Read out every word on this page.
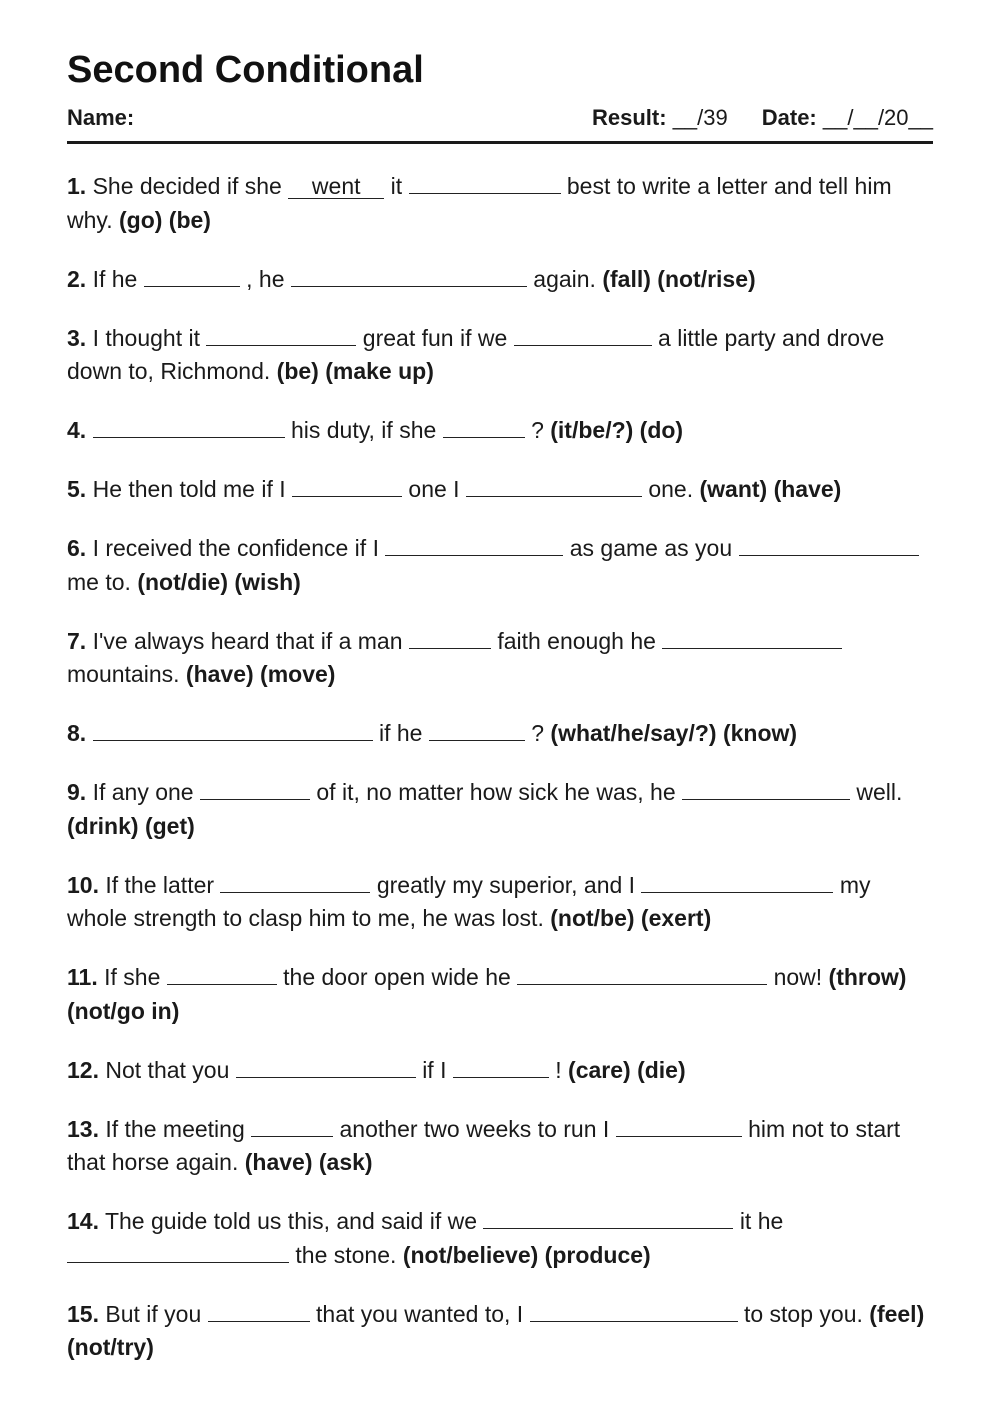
Second Conditional
Name:	Result: __/39 Date: __/__/20__

1. She decided if she went it	best to write a letter and tell him why. (go) (be)

2. If he	, he	again. (fall) (not/rise)

3. I thought it	great fun if we	a little party and drove down to, Richmond. (be) (make up)

4.	his duty, if she	? (it/be/?) (do)

5. He then told me if I	one I	one. (want) (have)

6. I received the confidence if I	as game as you  me to. (not/die) (wish)

7. I've always heard that if a man	faith enough he  mountains. (have) (move)

8.	if he	? (what/he/say/?) (know)

9. If any one	of it, no matter how sick he was, he	well. (drink) (get)

10. If the latter	greatly my superior, and I	my whole strength to clasp him to me, he was lost. (not/be) (exert)

11. If she	the door open wide he	now! (throw) (not/go in)

12. Not that you	if I	! (care) (die)

13. If the meeting	another two weeks to run I	him not to start that horse again. (have) (ask)

14. The guide told us this, and said if we	it he  the stone. (not/believe) (produce)

15. But if you	that you wanted to, I	to stop you. (feel) (not/try)
